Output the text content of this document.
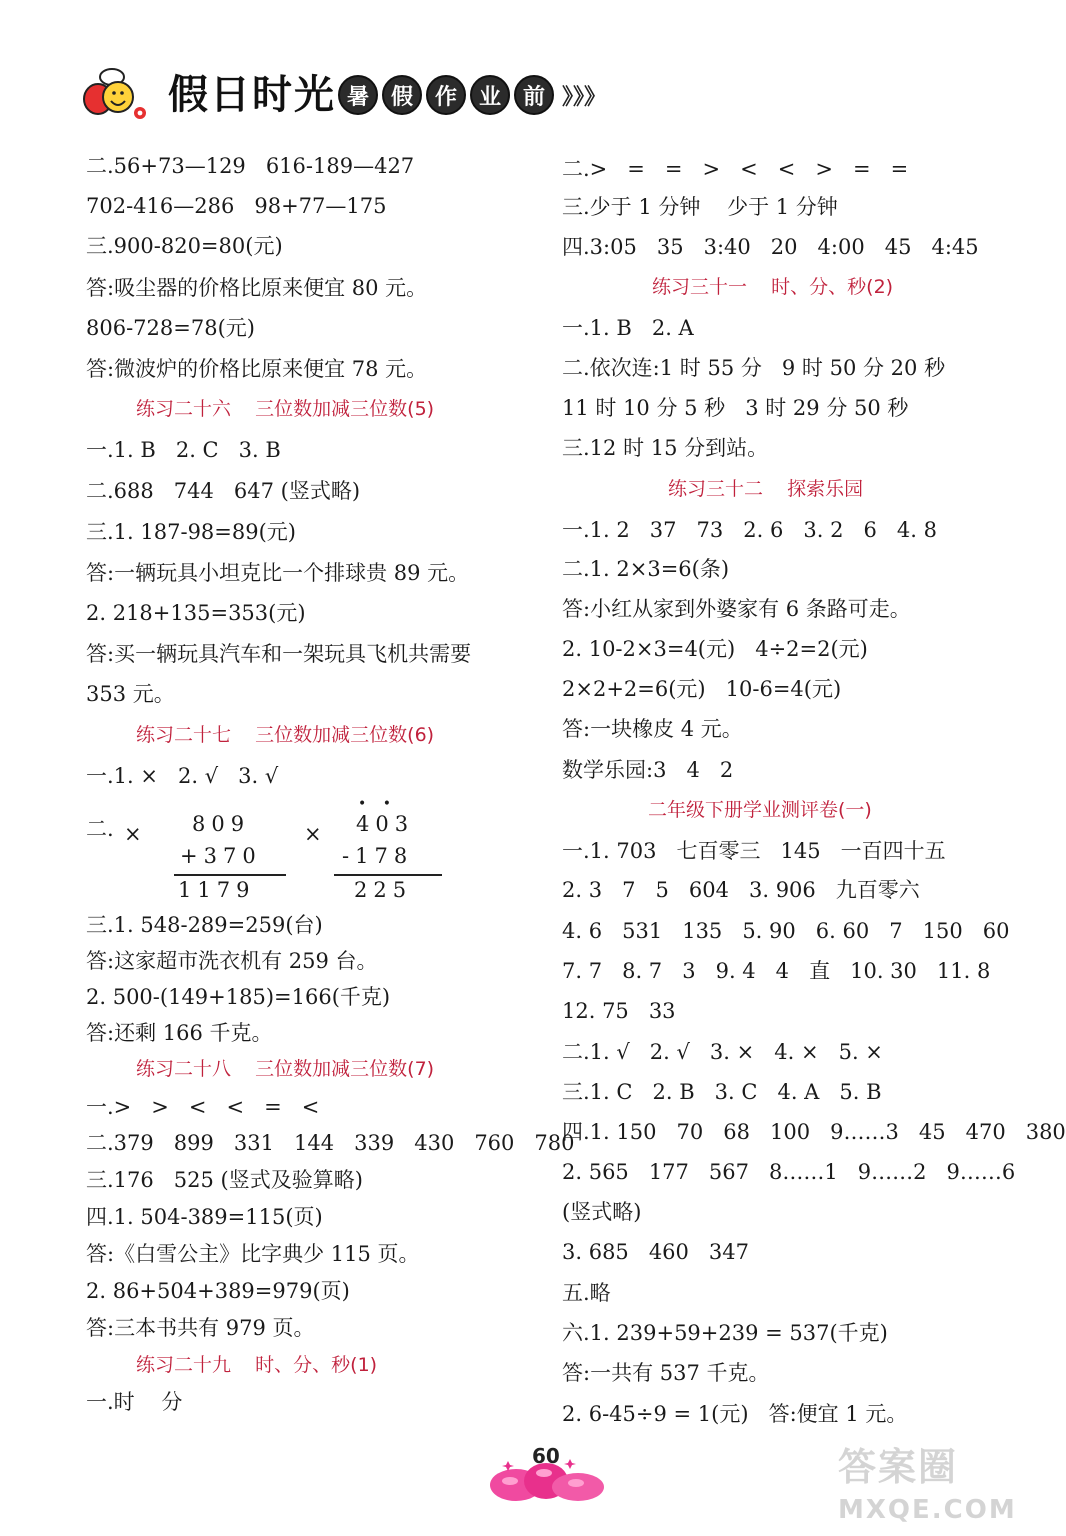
假日时光 暑 假 作 业 前 》》》
二.56+73—129   616-189—427
702-416—286   98+77—175
三.900-820=80(元)
答:吸尘器的价格比原来便宜 80 元。
806-728=78(元)
答:微波炉的价格比原来便宜 78 元。
练习二十六    三位数加减三位数(5)
一.1. B   2. C   3. B
二.688   744   647 (竖式略)
三.1. 187-98=89(元)
答:一辆玩具小坦克比一个排球贵 89 元。
2. 218+135=353(元)
答:买一辆玩具汽车和一架玩具飞机共需要
353 元。
练习二十七    三位数加减三位数(6)
一.1. ×   2. √   3. √
二. × 809
+370
1179
×
• •
403
-178
225
三.1. 548-289=259(台)
答:这家超市洗衣机有 259 台。
2. 500-(149+185)=166(千克)
答:还剩 166 千克。
练习二十八    三位数加减三位数(7)
一.>   >   <   <   =   <
二.379   899   331   144   339   430   760   780
三.176   525 (竖式及验算略)
四.1. 504-389=115(页)
答:《白雪公主》比字典少 115 页。
2. 86+504+389=979(页)
答:三本书共有 979 页。
练习二十九    时、分、秒(1)
一.时    分
二.>   =   =   >   <   <   >   =   =
三.少于 1 分钟    少于 1 分钟
四.3:05   35   3:40   20   4:00   45   4:45
练习三十一    时、分、秒(2)
一.1. B   2. A
二.依次连:1 时 55 分   9 时 50 分 20 秒
11 时 10 分 5 秒   3 时 29 分 50 秒
三.12 时 15 分到站。
练习三十二    探索乐园
一.1. 2   37   73   2. 6   3. 2   6   4. 8
二.1. 2×3=6(条)
答:小红从家到外婆家有 6 条路可走。
2. 10-2×3=4(元)   4÷2=2(元)
2×2+2=6(元)   10-6=4(元)
答:一块橡皮 4 元。
数学乐园:3   4   2
二年级下册学业测评卷(一)
一.1. 703   七百零三   145   一百四十五
2. 3   7   5   604   3. 906   九百零六
4. 6   531   135   5. 90   6. 60   7   150   60
7. 7   8. 7   3   9. 4   4   直   10. 30   11. 8
12. 75   33
二.1. √   2. √   3. ×   4. ×   5. ×
三.1. C   2. B   3. C   4. A   5. B
四.1. 150   70   68   100   9……3   45   470   380
2. 565   177   567   8……1   9……2   9……6
(竖式略)
3. 685   460   347
五.略
六.1. 239+59+239 = 537(千克)
答:一共有 537 千克。
2. 6-45÷9 = 1(元)   答:便宜 1 元。
60	答案圈
MXQE.COM
